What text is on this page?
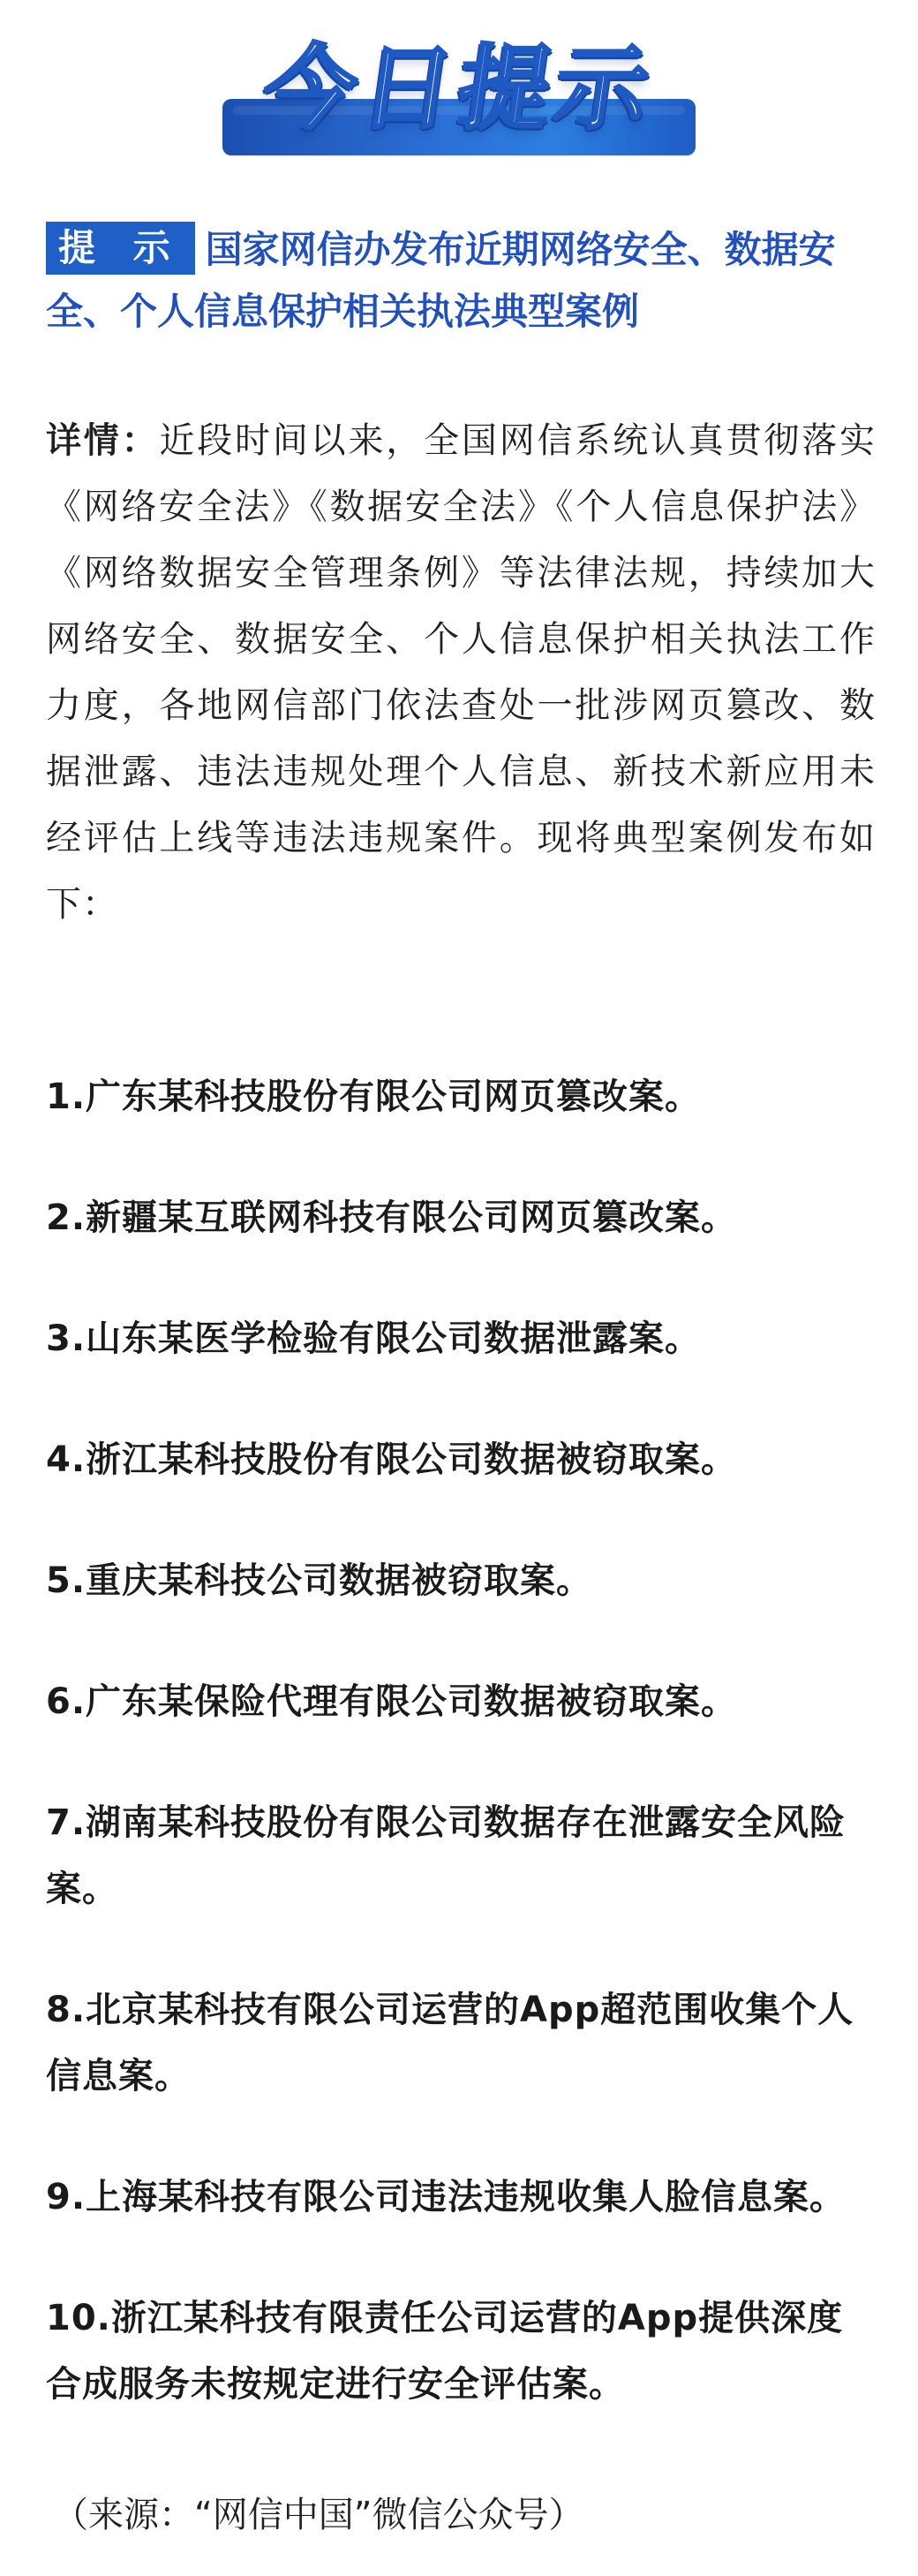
今日提示
提 示 国家网信办发布近期网络安全、数据安全、个人信息保护相关执法典型案例
详情：近段时间以来，全国网信系统认真贯彻落实《网络安全法》《数据安全法》《个人信息保护法》《网络数据安全管理条例》等法律法规，持续加大网络安全、数据安全、个人信息保护相关执法工作力度，各地网信部门依法查处一批涉网页篡改、数据泄露、违法违规处理个人信息、新技术新应用未经评估上线等违法违规案件。现将典型案例发布如下：
1.广东某科技股份有限公司网页篡改案。
2.新疆某互联网科技有限公司网页篡改案。
3.山东某医学检验有限公司数据泄露案。
4.浙江某科技股份有限公司数据被窃取案。
5.重庆某科技公司数据被窃取案。
6.广东某保险代理有限公司数据被窃取案。
7.湖南某科技股份有限公司数据存在泄露安全风险案。
8.北京某科技有限公司运营的App超范围收集个人信息案。
9.上海某科技有限公司违法违规收集人脸信息案。
10.浙江某科技有限责任公司运营的App提供深度合成服务未按规定进行安全评估案。
（来源：“网信中国”微信公众号）
